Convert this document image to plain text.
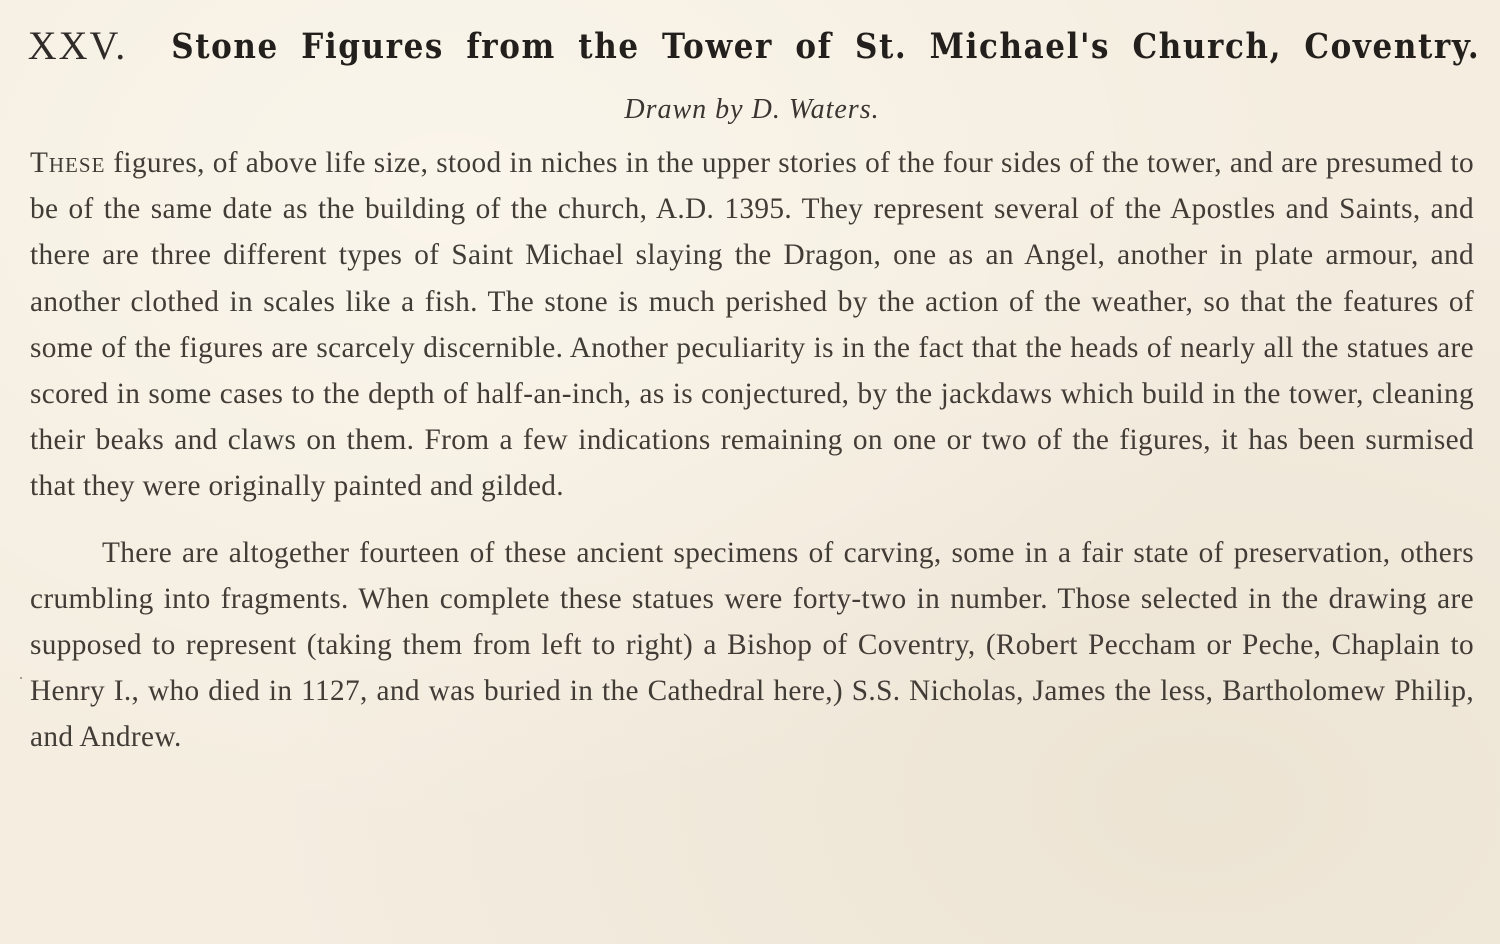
XXV. Stone Figures from the Tower of St. Michael's Church, Coventry.
Drawn by D. Waters.

These figures, of above life size, stood in niches in the upper stories of the four sides of the tower, and are presumed to be of the same date as the building of the church, A.D. 1395. They represent several of the Apostles and Saints, and there are three different types of Saint Michael slaying the Dragon, one as an Angel, another in plate armour, and another clothed in scales like a fish. The stone is much perished by the action of the weather, so that the features of some of the figures are scarcely discernible. Another peculiarity is in the fact that the heads of nearly all the statues are scored in some cases to the depth of half-an-inch, as is conjectured, by the jackdaws which build in the tower, cleaning their beaks and claws on them. From a few indications remaining on one or two of the figures, it has been surmised that they were originally painted and gilded.

There are altogether fourteen of these ancient specimens of carving, some in a fair state of preservation, others crumbling into fragments. When complete these statues were forty-two in number. Those selected in the drawing are supposed to represent (taking them from left to right) a Bishop of Coventry, (Robert Peccham or Peche, Chaplain to Henry I., who died in 1127, and was buried in the Cathedral here,) S.S. Nicholas, James the less, Bartholomew Philip, and Andrew.
